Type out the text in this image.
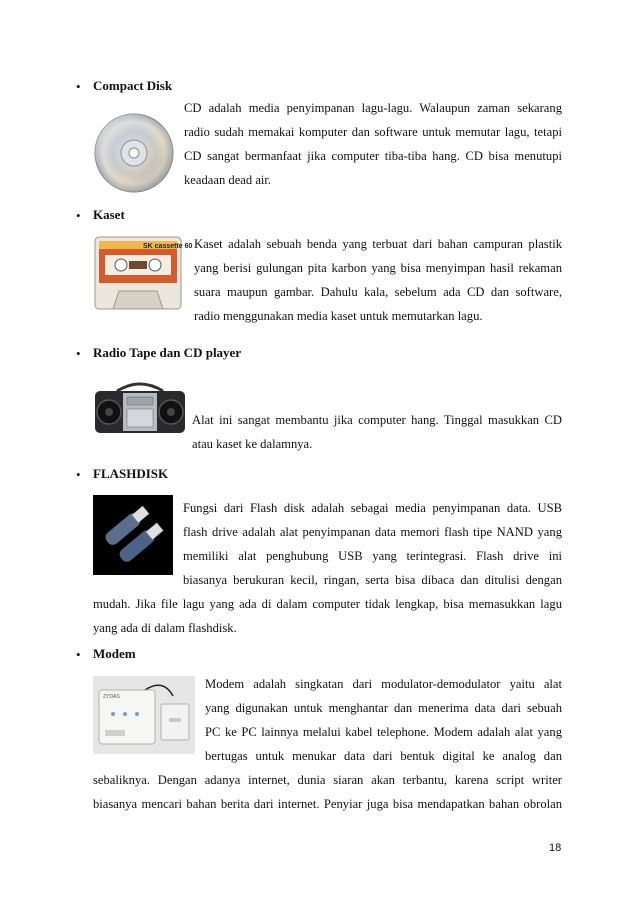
• Compact Disk
CD adalah media penyimpanan lagu-lagu. Walaupun zaman sekarang
radio sudah memakai komputer dan software untuk memutar lagu, tetapi
CD sangat bermanfaat jika computer tiba-tiba hang. CD bisa menutupi
keadaan dead air.
• Kaset
SK cassette 60 Kaset adalah sebuah benda yang terbuat dari bahan campuran plastik
yang berisi gulungan pita karbon yang bisa menyimpan hasil rekaman
suara maupun gambar. Dahulu kala, sebelum ada CD dan software,
radio menggunakan media kaset untuk memutarkan lagu.
• Radio Tape dan CD player
Alat ini sangat membantu jika computer hang. Tinggal masukkan CD
atau kaset ke dalamnya.
• FLASHDISK
Fungsi dari Flash disk adalah sebagai media penyimpanan data. USB
flash drive adalah alat penyimpanan data memori flash tipe NAND yang
memiliki alat penghubung USB yang terintegrasi. Flash drive ini
biasanya berukuran kecil, ringan, serta bisa dibaca dan ditulisi dengan
mudah. Jika file lagu yang ada di dalam computer tidak lengkap, bisa memasukkan lagu
yang ada di dalam flashdisk.
• Modem
ZYDAS
Modem adalah singkatan dari modulator-demodulator yaitu alat
yang digunakan untuk menghantar dan menerima data dari sebuah
PC ke PC lainnya melalui kabel telephone. Modem adalah alat yang
bertugas untuk menukar data dari bentuk digital ke analog dan
sebaliknya. Dengan adanya internet, dunia siaran akan terbantu, karena script writer
biasanya mencari bahan berita dari internet. Penyiar juga bisa mendapatkan bahan obrolan
18
